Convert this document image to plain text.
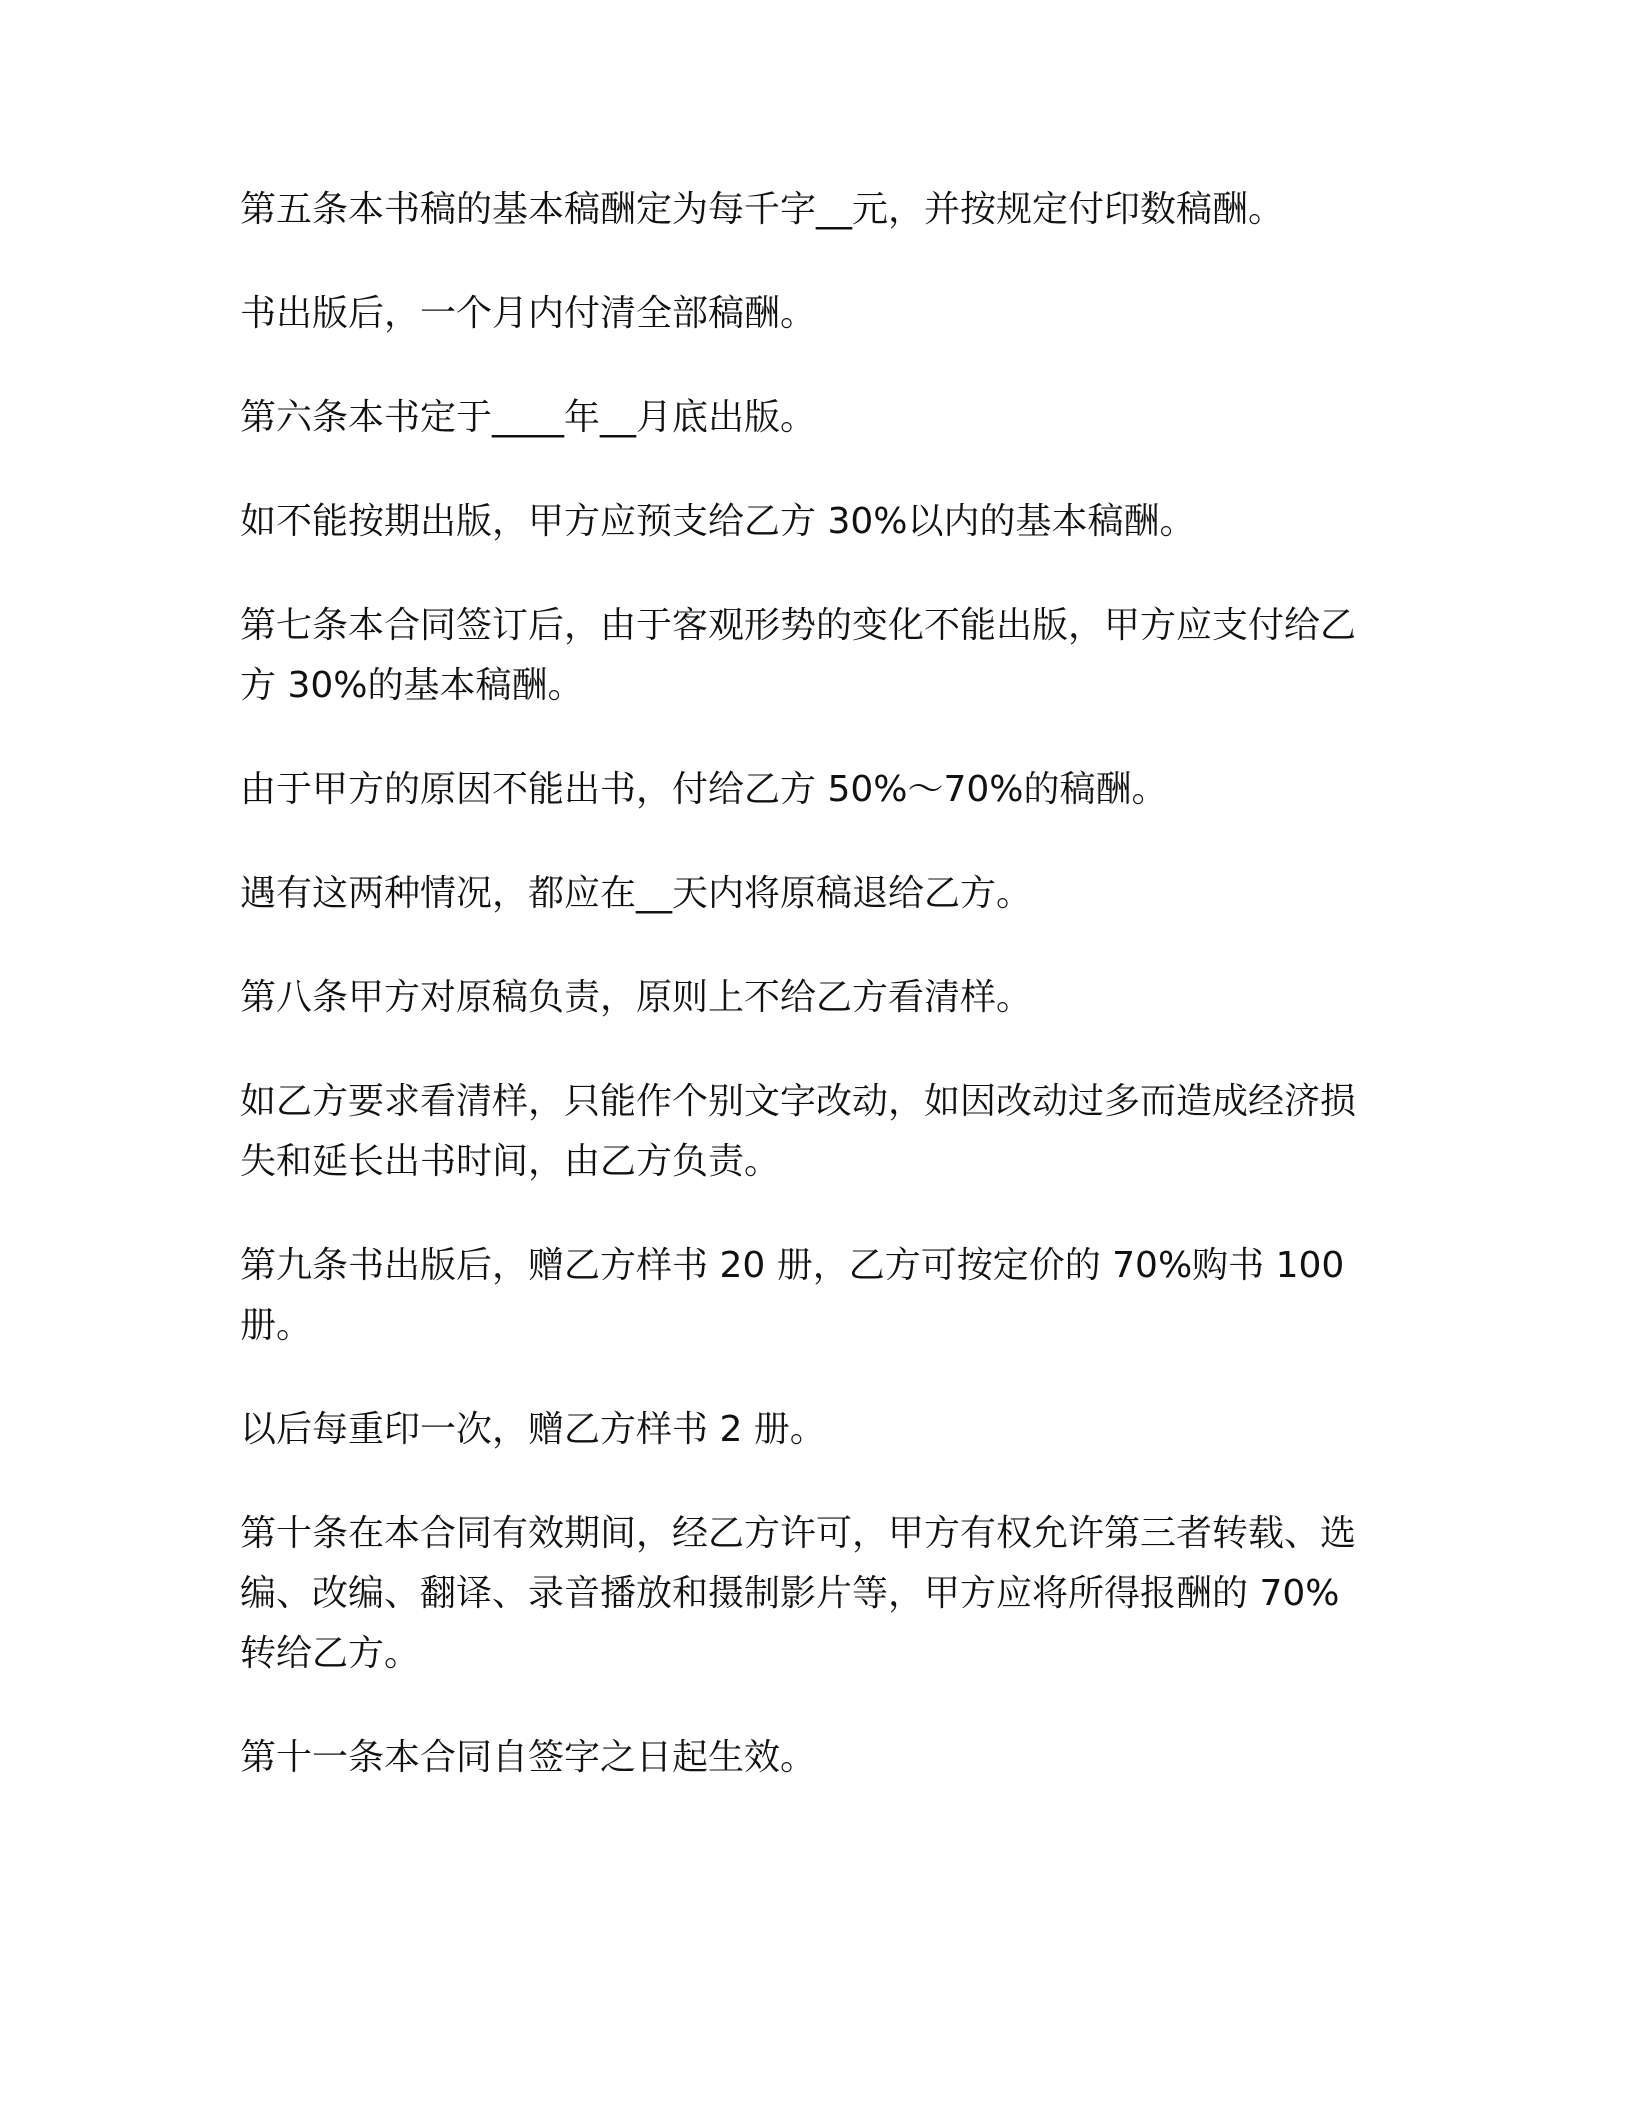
第五条本书稿的基本稿酬定为每千字__元，并按规定付印数稿酬。

书出版后，一个月内付清全部稿酬。

第六条本书定于____年__月底出版。

如不能按期出版，甲方应预支给乙方 30%以内的基本稿酬。

第七条本合同签订后，由于客观形势的变化不能出版，甲方应支付给乙方 30%的基本稿酬。

由于甲方的原因不能出书，付给乙方 50%～70%的稿酬。

遇有这两种情况，都应在__天内将原稿退给乙方。

第八条甲方对原稿负责，原则上不给乙方看清样。

如乙方要求看清样，只能作个别文字改动，如因改动过多而造成经济损失和延长出书时间，由乙方负责。

第九条书出版后，赠乙方样书 20 册，乙方可按定价的 70%购书 100 册。

以后每重印一次，赠乙方样书 2 册。

第十条在本合同有效期间，经乙方许可，甲方有权允许第三者转载、选编、改编、翻译、录音播放和摄制影片等，甲方应将所得报酬的 70%转给乙方。

第十一条本合同自签字之日起生效。
